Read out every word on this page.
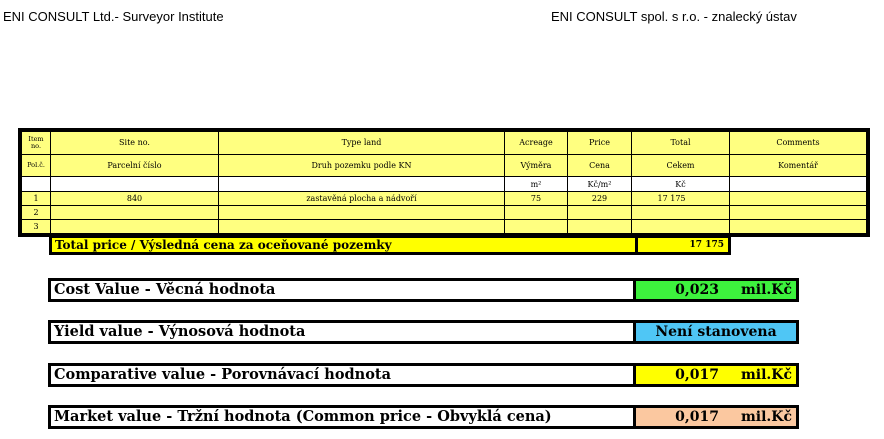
ENI CONSULT Ltd.- Surveyor Institute	ENI CONSULT spol. s r.o. - znalecký ústav
Item no.	Site no.	Type land	Acreage	Price	Total	Comments
Pol.č.	Parcelní číslo	Druh pozemku podle KN	Výměra	Cena	Cekem	Komentář
			m²	Kč/m²	Kč	
1	840	zastavěná plocha a nádvoří	75	229	17 175	
2						
3						
Total price / Výsledná cena za oceňované pozemky	17 175
Cost Value - Věcná hodnota	0,023 mil.Kč
Yield value - Výnosová hodnota	Není stanovena
Comparative value - Porovnávací hodnota	0,017 mil.Kč
Market value - Tržní hodnota (Common price - Obvyklá cena)	0,017 mil.Kč
